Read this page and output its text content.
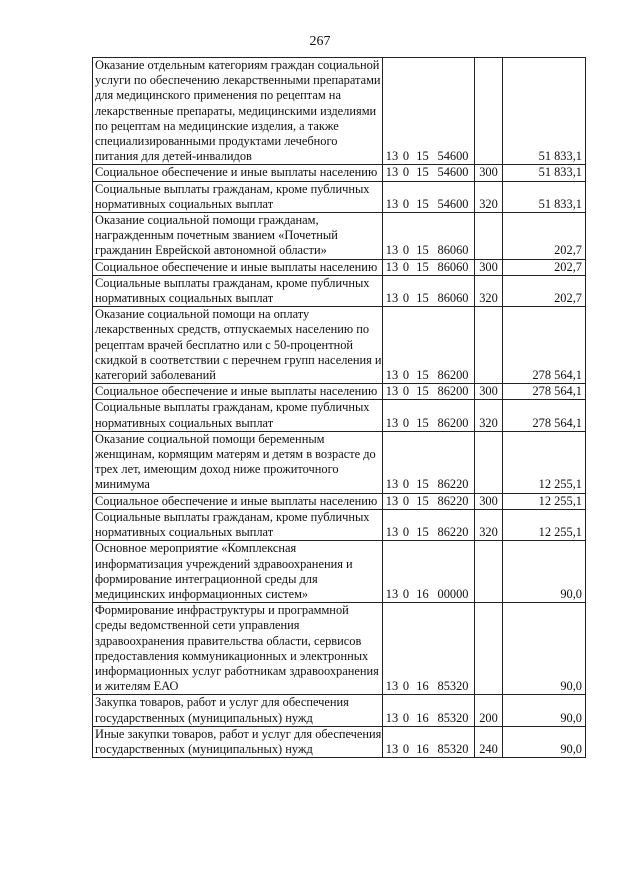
267
Оказание отдельным категориям граждан социальной услуги по обеспечению лекарственными препаратами для медицинского применения по рецептам на лекарственные препараты, медицинскими изделиями по рецептам на медицинские изделия, а также специализированными продуктами лечебного питания для детей-инвалидов	13 0 15 54600		51 833,1
Социальное обеспечение и иные выплаты населению	13 0 15 54600	300	51 833,1
Социальные выплаты гражданам, кроме публичных нормативных социальных выплат	13 0 15 54600	320	51 833,1
Оказание социальной помощи гражданам, награжденным почетным званием «Почетный гражданин Еврейской автономной области»	13 0 15 86060		202,7
Социальное обеспечение и иные выплаты населению	13 0 15 86060	300	202,7
Социальные выплаты гражданам, кроме публичных нормативных социальных выплат	13 0 15 86060	320	202,7
Оказание социальной помощи на оплату лекарственных средств, отпускаемых населению по рецептам врачей бесплатно или с 50-процентной скидкой в соответствии с перечнем групп населения и категорий заболеваний	13 0 15 86200		278 564,1
Социальное обеспечение и иные выплаты населению	13 0 15 86200	300	278 564,1
Социальные выплаты гражданам, кроме публичных нормативных социальных выплат	13 0 15 86200	320	278 564,1
Оказание социальной помощи беременным женщинам, кормящим матерям и детям в возрасте до трех лет, имеющим доход ниже прожиточного минимума	13 0 15 86220		12 255,1
Социальное обеспечение и иные выплаты населению	13 0 15 86220	300	12 255,1
Социальные выплаты гражданам, кроме публичных нормативных социальных выплат	13 0 15 86220	320	12 255,1
Основное мероприятие «Комплексная информатизация учреждений здравоохранения и формирование интеграционной среды для медицинских информационных систем»	13 0 16 00000		90,0
Формирование инфраструктуры и программной среды ведомственной сети управления здравоохранения правительства области, сервисов предоставления коммуникационных и электронных информационных услуг работникам здравоохранения и жителям ЕАО	13 0 16 85320		90,0
Закупка товаров, работ и услуг для обеспечения государственных (муниципальных) нужд	13 0 16 85320	200	90,0
Иные закупки товаров, работ и услуг для обеспечения государственных (муниципальных) нужд	13 0 16 85320	240	90,0
